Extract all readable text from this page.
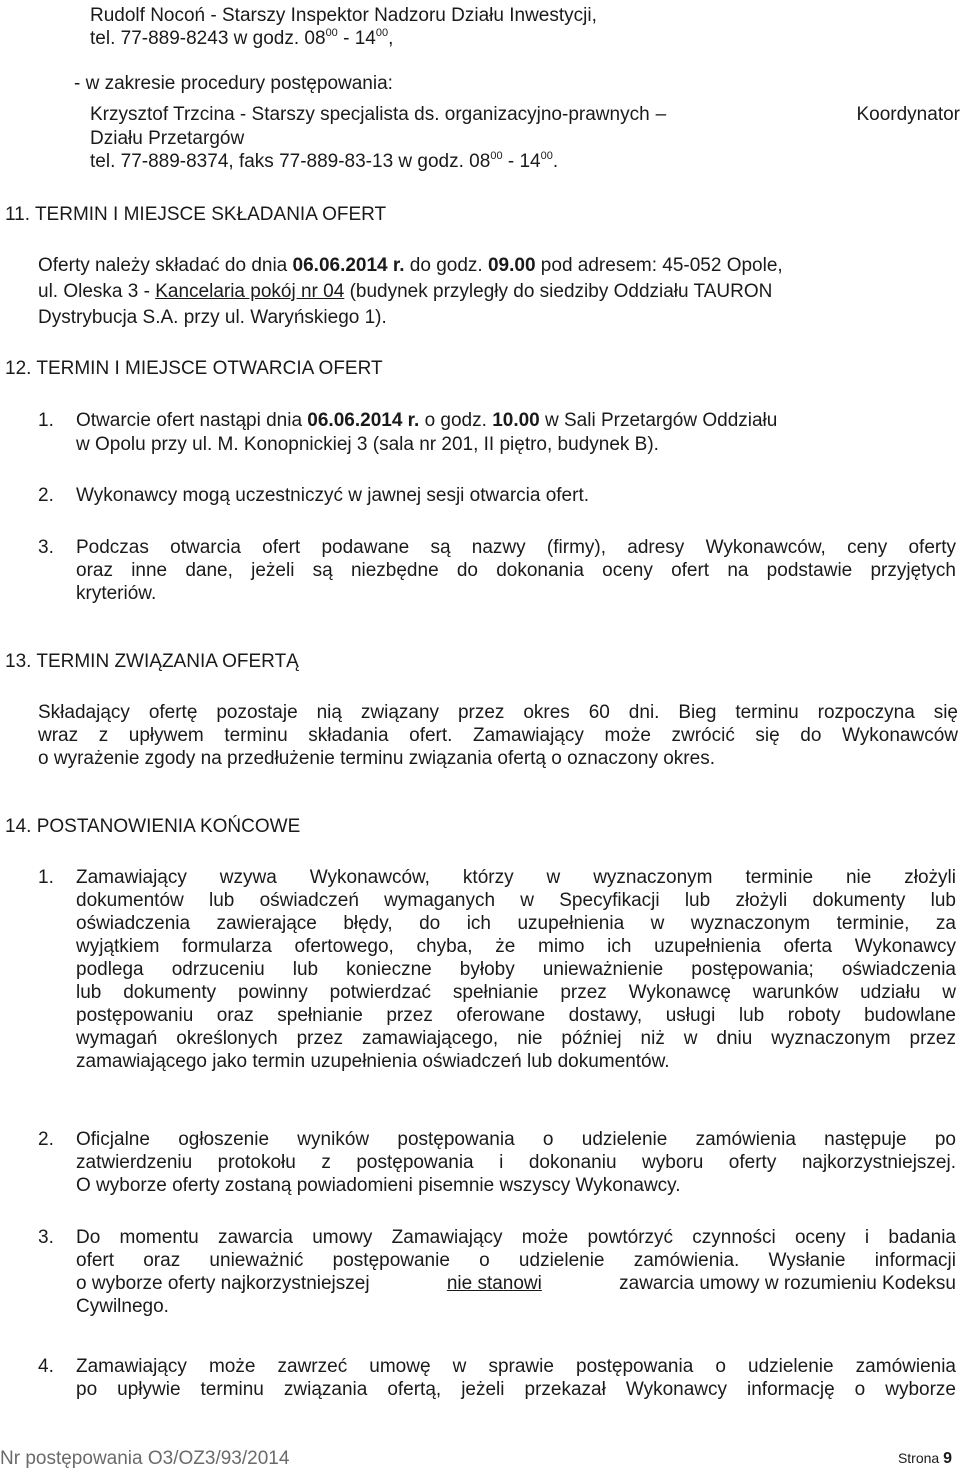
Rudolf Nocoń - Starszy Inspektor Nadzoru Działu Inwestycji,
tel. 77-889-8243 w godz. $08^{00} - 14^{00}$,
- w zakresie procedury postępowania:
Krzysztof Trzcina - Starszy specjalista ds. organizacyjno-prawnych –	Koordynator
Działu Przetargów
tel. 77-889-8374, faks 77-889-83-13 w godz. $08^{00} - 14^{00}$.
11. TERMIN I MIEJSCE SKŁADANIA OFERT
Oferty należy składać do dnia 06.06.2014 r. do godz. 09.00 pod adresem: 45-052 Opole,
ul. Oleska 3 - Kancelaria pokój nr 04 (budynek przyległy do siedziby Oddziału TAURON
Dystrybucja S.A. przy ul. Waryńskiego 1).
12. TERMIN I MIEJSCE OTWARCIA OFERT
1. Otwarcie ofert nastąpi dnia 06.06.2014 r. o godz. 10.00 w Sali Przetargów Oddziału
w Opolu przy ul. M. Konopnickiej 3 (sala nr 201, II piętro, budynek B).
2. Wykonawcy mogą uczestniczyć w jawnej sesji otwarcia ofert.
3. Podczas otwarcia ofert podawane są nazwy (firmy), adresy Wykonawców, ceny oferty
oraz inne dane, jeżeli są niezbędne do dokonania oceny ofert na podstawie przyjętych
kryteriów.
13. TERMIN ZWIĄZANIA OFERTĄ
Składający ofertę pozostaje nią związany przez okres 60 dni. Bieg terminu rozpoczyna się
wraz z upływem terminu składania ofert. Zamawiający może zwrócić się do Wykonawców
o wyrażenie zgody na przedłużenie terminu związania ofertą o oznaczony okres.
14. POSTANOWIENIA KOŃCOWE
1. Zamawiający wzywa Wykonawców, którzy w wyznaczonym terminie nie złożyli
dokumentów lub oświadczeń wymaganych w Specyfikacji lub złożyli dokumenty lub
oświadczenia zawierające błędy, do ich uzupełnienia w wyznaczonym terminie, za
wyjątkiem formularza ofertowego, chyba, że mimo ich uzupełnienia oferta Wykonawcy
podlega odrzuceniu lub konieczne byłoby unieważnienie postępowania; oświadczenia
lub dokumenty powinny potwierdzać spełnianie przez Wykonawcę warunków udziału w
postępowaniu oraz spełnianie przez oferowane dostawy, usługi lub roboty budowlane
wymagań określonych przez zamawiającego, nie później niż w dniu wyznaczonym przez
zamawiającego jako termin uzupełnienia oświadczeń lub dokumentów.
2. Oficjalne ogłoszenie wyników postępowania o udzielenie zamówienia następuje po
zatwierdzeniu protokołu z postępowania i dokonaniu wyboru oferty najkorzystniejszej.
O wyborze oferty zostaną powiadomieni pisemnie wszyscy Wykonawcy.
3. Do momentu zawarcia umowy Zamawiający może powtórzyć czynności oceny i badania
ofert oraz unieważnić postępowanie o udzielenie zamówienia. Wysłanie informacji
o wyborze oferty najkorzystniejszej	nie stanowi	zawarcia umowy w rozumieniu Kodeksu
Cywilnego.
4. Zamawiający może zawrzeć umowę w sprawie postępowania o udzielenie zamówienia
po upływie terminu związania ofertą, jeżeli przekazał Wykonawcy informację o wyborze
Nr postępowania O3/OZ3/93/2014	Strona 9
